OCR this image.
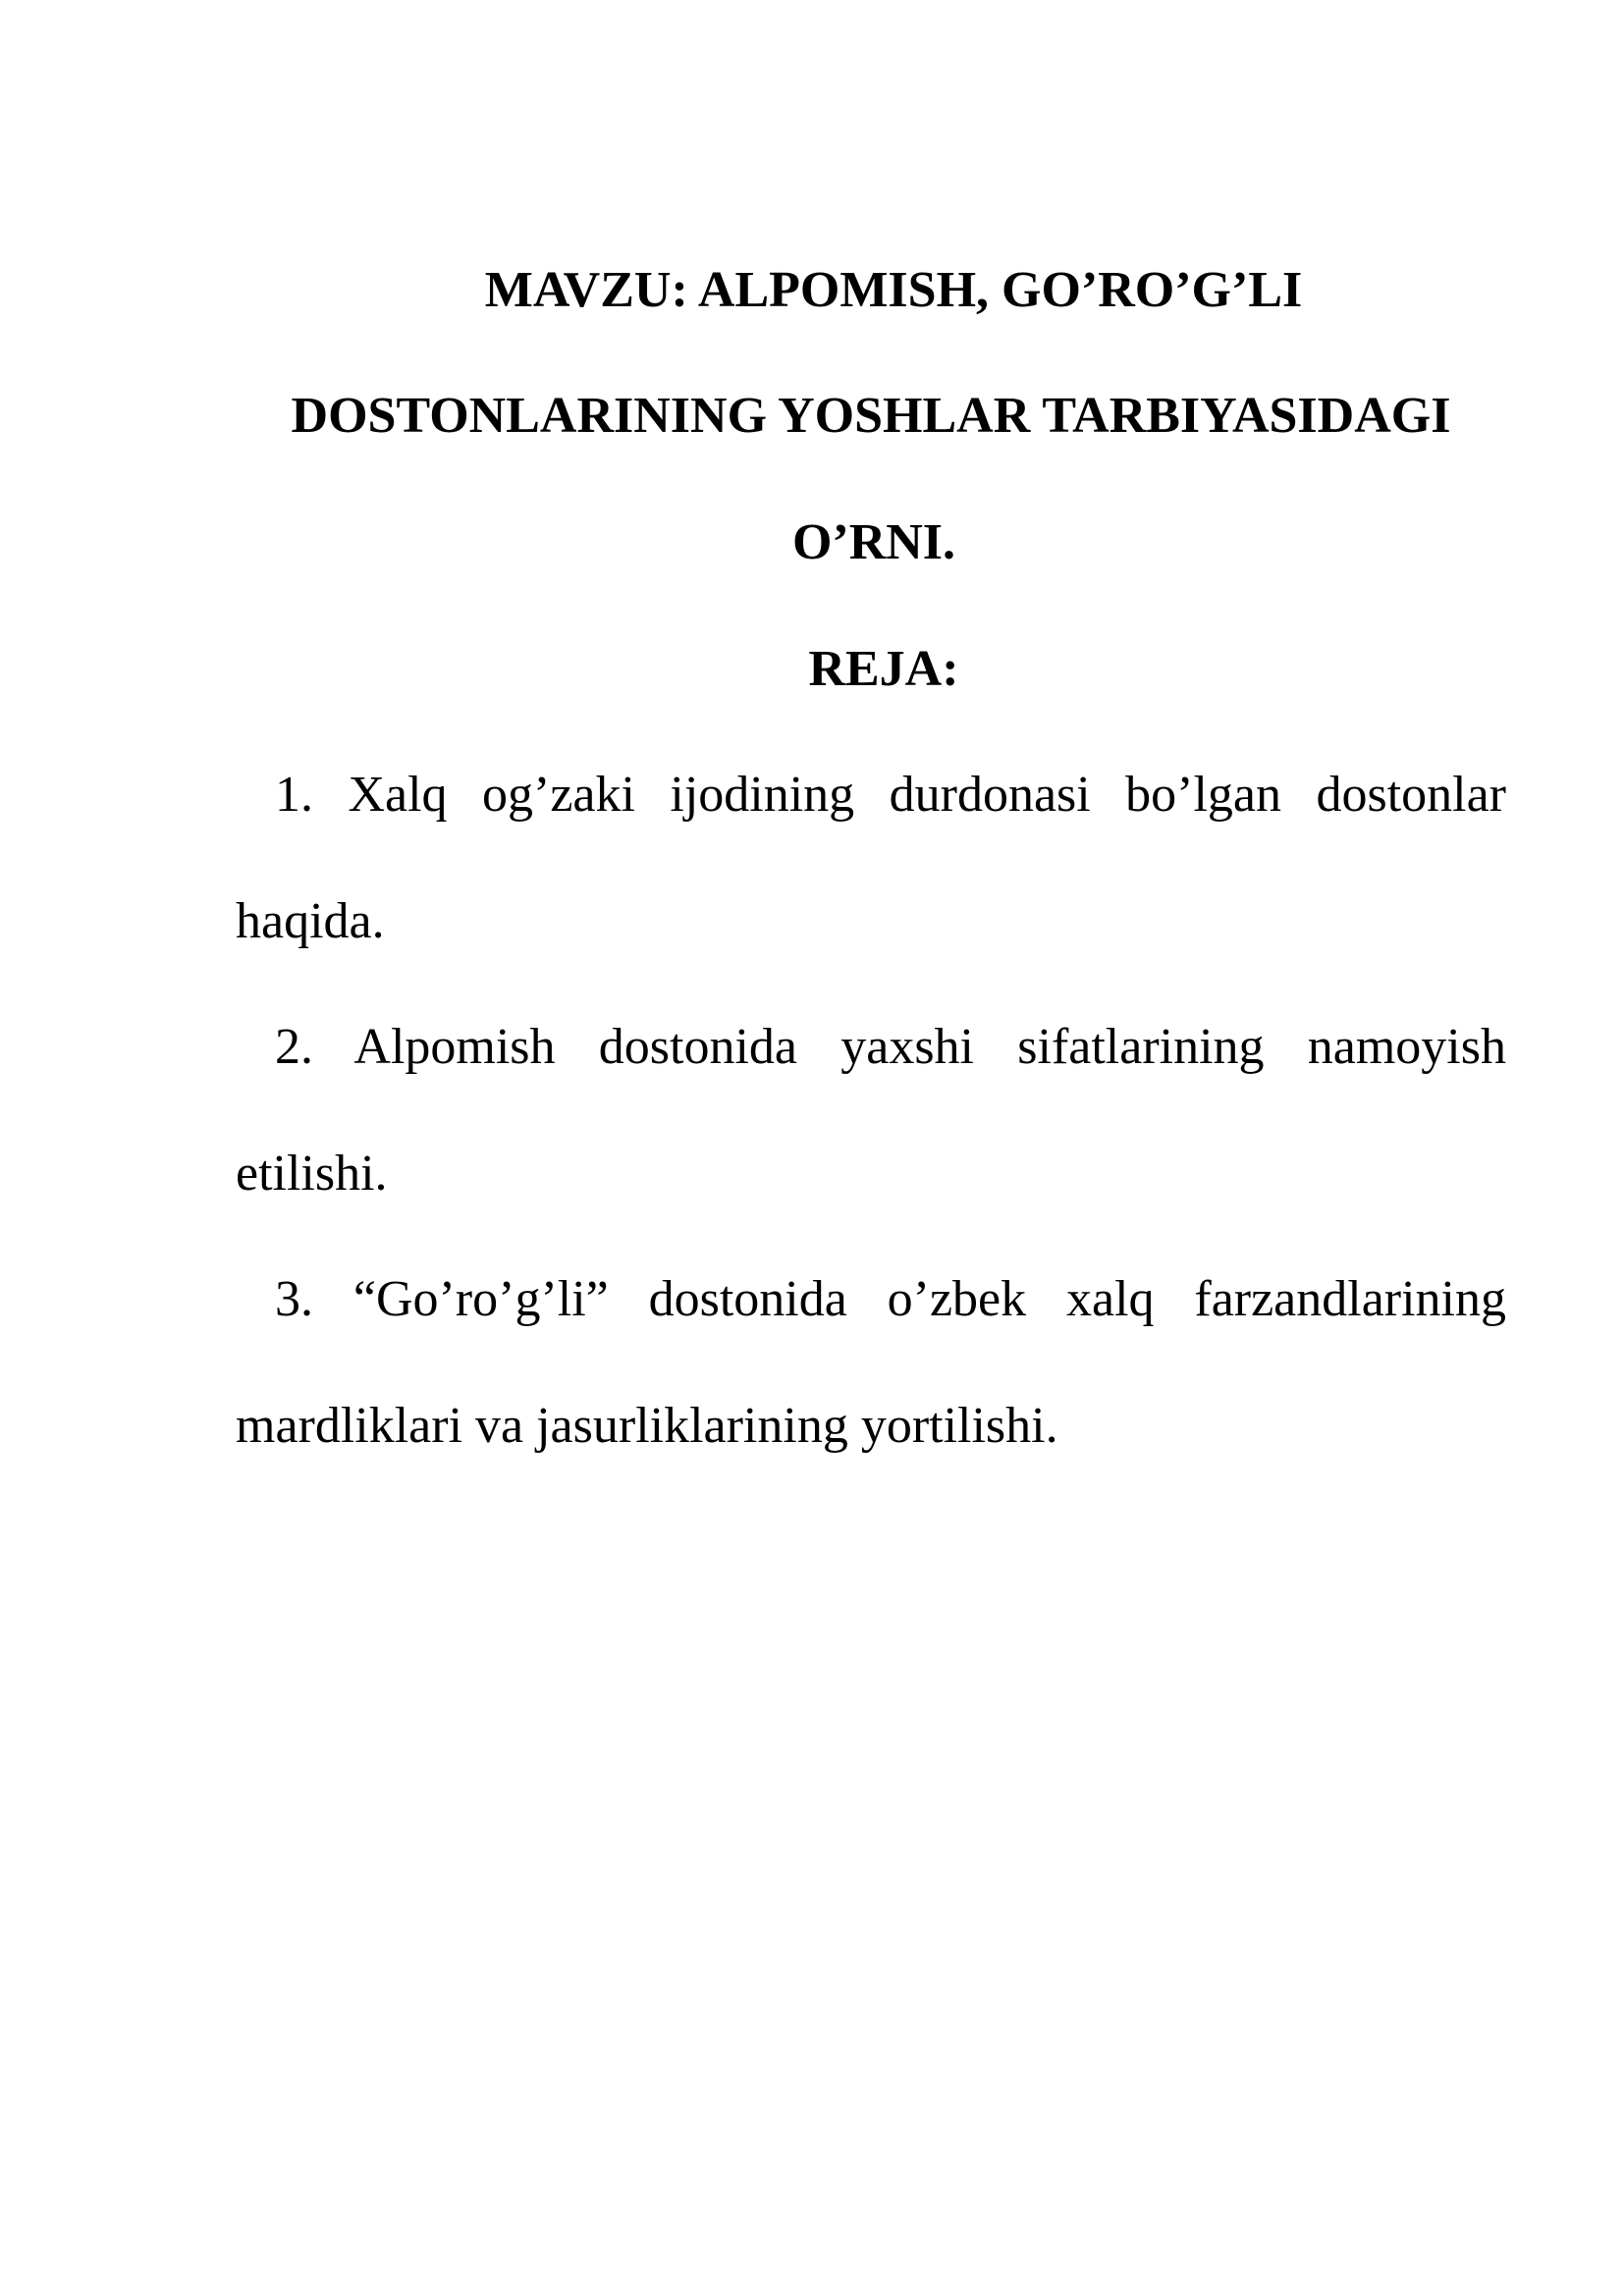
MAVZU: ALPOMISH, GO’RO’G’LI
DOSTONLARINING YOSHLAR TARBIYASIDAGI
O’RNI.
REJA:
1. Xalq og’zaki ijodining durdonasi bo’lgan dostonlar
haqida.
2. Alpomish dostonida yaxshi sifatlarining namoyish
etilishi.
3. “Go’ro’g’li” dostonida o’zbek xalq farzandlarining
mardliklari va jasurliklarining yortilishi.
